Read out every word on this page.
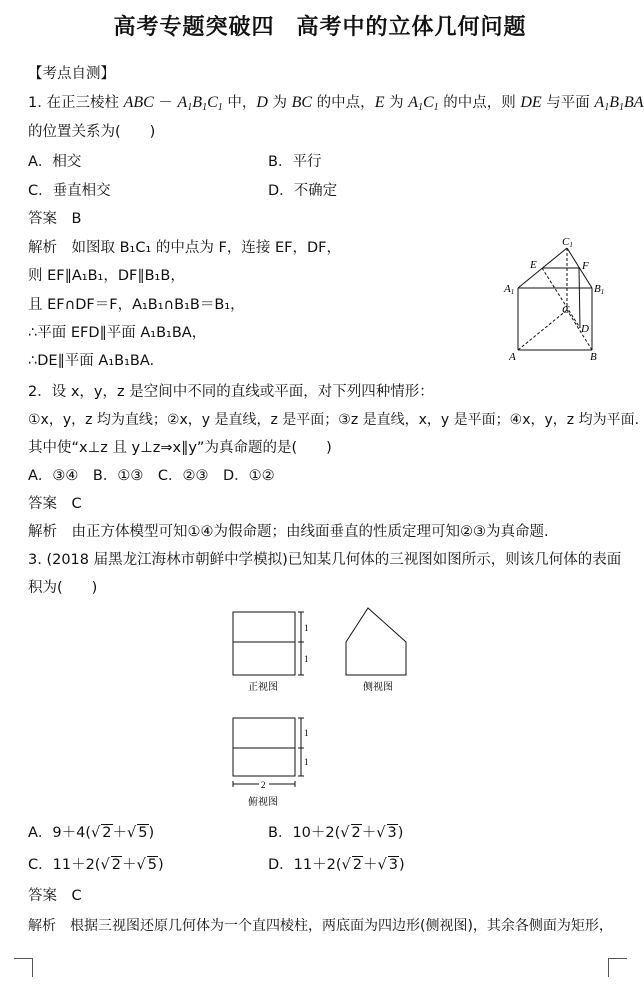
高考专题突破四 高考中的立体几何问题
【考点自测】
1. 在正三棱柱 ABC － $A_1B_1C_1$ 中，D 为 BC 的中点，E 为 $A_1C_1$ 的中点，则 DE 与平面 $A_1B_1BA$
的位置关系为(　　)
A．相交	B．平行
C．垂直相交	D．不确定
答案　 B
解析　 如图取 B₁C₁ 的中点为 F，连接 EF，DF，
则 EF∥A₁B₁，DF∥B₁B，
且 EF∩DF＝F，A₁B₁∩B₁B＝B₁，
∴平面 EFD∥平面 A₁B₁BA，
∴DE∥平面 A₁B₁BA.
C1
E	F
A1	B1
C
D
A	B
2．设 x，y，z 是空间中不同的直线或平面，对下列四种情形：
①x，y，z 均为直线；②x，y 是直线，z 是平面；③z 是直线，x，y 是平面；④x，y，z 均为平面.
其中使“x⊥z 且 y⊥z⇒x∥y”为真命题的是(　　)
A．③④　B．①③　C．②③　D．①②
答案　 C
解析　 由正方体模型可知①④为假命题；由线面垂直的性质定理可知②③为真命题.
3. (2018 届黑龙江海林市朝鲜中学模拟)已知某几何体的三视图如图所示，则该几何体的表面
积为(　　)
1
1
正视图	侧视图
1
1
2
俯视图
A．9＋4(√ 2＋√ 5)	B．10＋2(√ 2＋√ 3)
C．11＋2(√ 2＋√ 5)	D．11＋2(√ 2＋√ 3)
答案　 C
解析　 根据三视图还原几何体为一个直四棱柱，两底面为四边形(侧视图)，其余各侧面为矩形，
